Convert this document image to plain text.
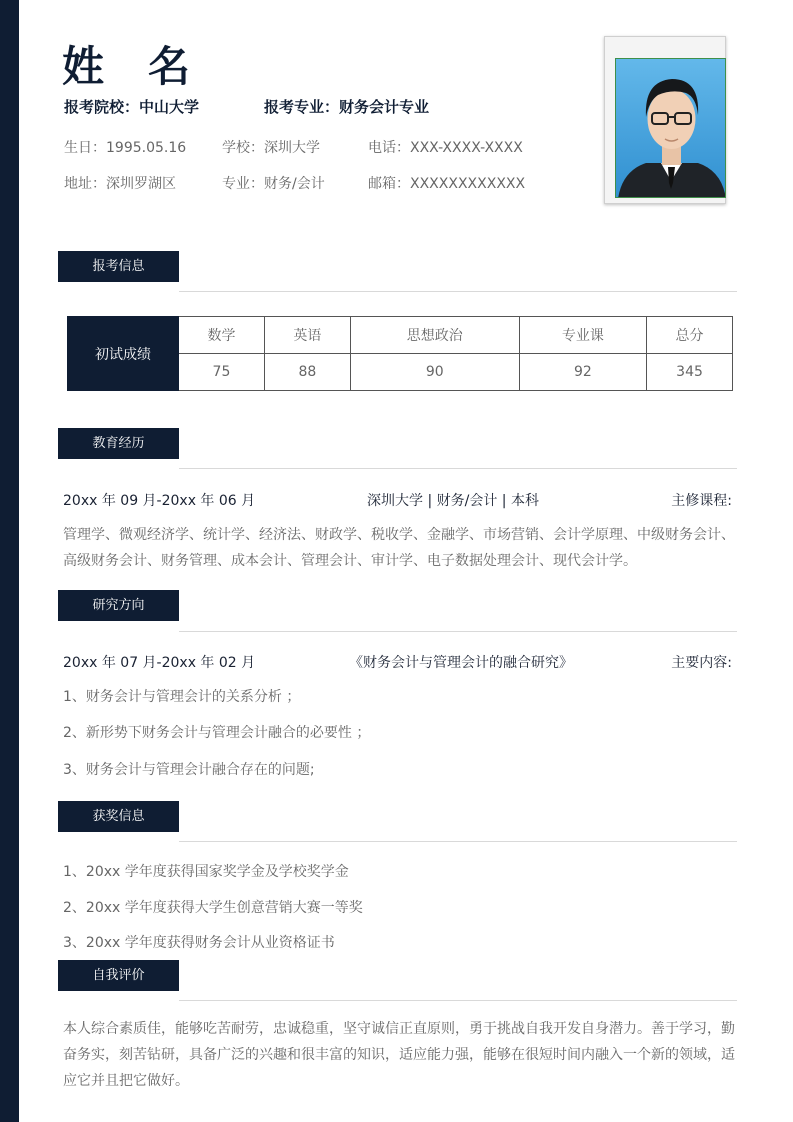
姓　名
报考院校：中山大学	报考专业：财务会计专业
生日：1995.05.16	学校：深圳大学	电话：XXX-XXXX-XXXX
地址：深圳罗湖区	专业：财务/会计	邮箱：XXXXXXXXXXXX
报考信息
初试成绩	数学	英语	思想政治	专业课	总分
	75	88	90	92	345
教育经历
20xx 年 09 月-20xx 年 06 月	深圳大学 | 财务/会计 | 本科	主修课程:
管理学、微观经济学、统计学、经济法、财政学、税收学、金融学、市场营销、会计学原理、中级财务会计、高级财务会计、财务管理、成本会计、管理会计、审计学、电子数据处理会计、现代会计学。
研究方向
20xx 年 07 月-20xx 年 02 月	《财务会计与管理会计的融合研究》	主要内容:
1、财务会计与管理会计的关系分析 ；
2、新形势下财务会计与管理会计融合的必要性 ；
3、财务会计与管理会计融合存在的问题;
获奖信息
1、20xx 学年度获得国家奖学金及学校奖学金
2、20xx 学年度获得大学生创意营销大赛一等奖
3、20xx 学年度获得财务会计从业资格证书
自我评价
本人综合素质佳，能够吃苦耐劳，忠诚稳重，坚守诚信正直原则，勇于挑战自我开发自身潜力。善于学习，勤奋务实，刻苦钻研，具备广泛的兴趣和很丰富的知识，适应能力强，能够在很短时间内融入一个新的领域，适应它并且把它做好。
